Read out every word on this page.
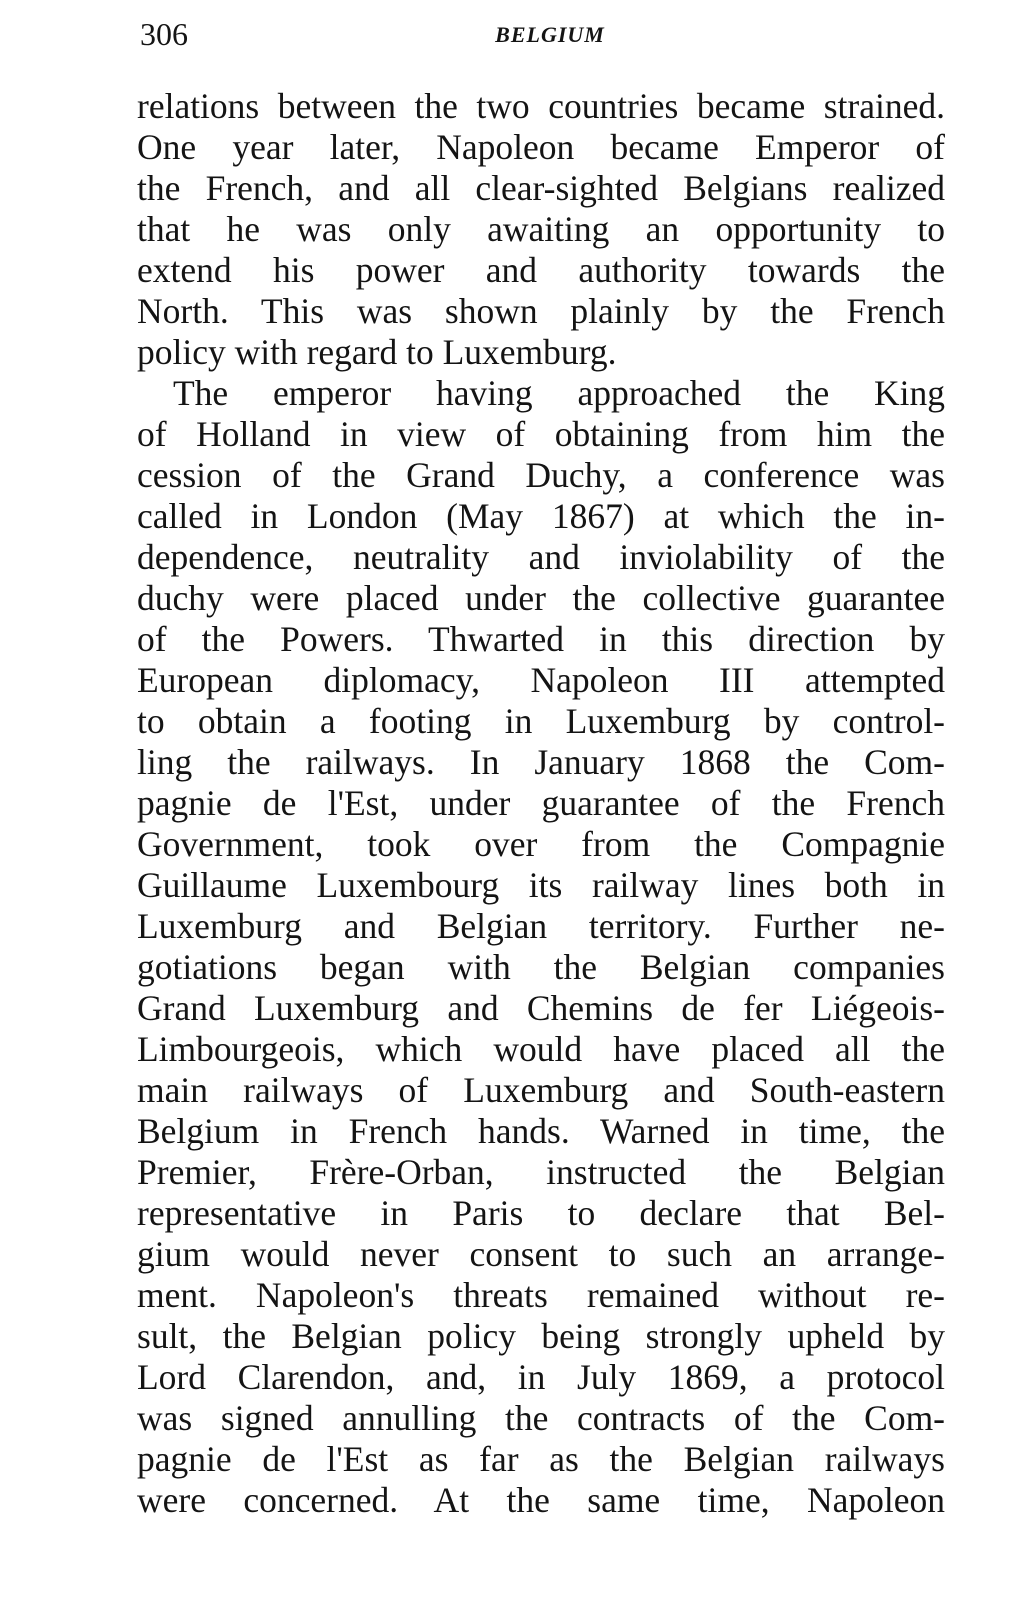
306	BELGIUM
relations between the two countries became strained.
One year later, Napoleon became Emperor of
the French, and all clear-sighted Belgians realized
that he was only awaiting an opportunity to
extend his power and authority towards the
North. This was shown plainly by the French
policy with regard to Luxemburg.
The emperor having approached the King
of Holland in view of obtaining from him the
cession of the Grand Duchy, a conference was
called in London (May 1867) at which the in-
dependence, neutrality and inviolability of the
duchy were placed under the collective guarantee
of the Powers. Thwarted in this direction by
European diplomacy, Napoleon III attempted
to obtain a footing in Luxemburg by control-
ling the railways. In January 1868 the Com-
pagnie de l'Est, under guarantee of the French
Government, took over from the Compagnie
Guillaume Luxembourg its railway lines both in
Luxemburg and Belgian territory. Further ne-
gotiations began with the Belgian companies
Grand Luxemburg and Chemins de fer Liégeois-
Limbourgeois, which would have placed all the
main railways of Luxemburg and South-eastern
Belgium in French hands. Warned in time, the
Premier, Frère-Orban, instructed the Belgian
representative in Paris to declare that Bel-
gium would never consent to such an arrange-
ment. Napoleon's threats remained without re-
sult, the Belgian policy being strongly upheld by
Lord Clarendon, and, in July 1869, a protocol
was signed annulling the contracts of the Com-
pagnie de l'Est as far as the Belgian railways
were concerned. At the same time, Napoleon
